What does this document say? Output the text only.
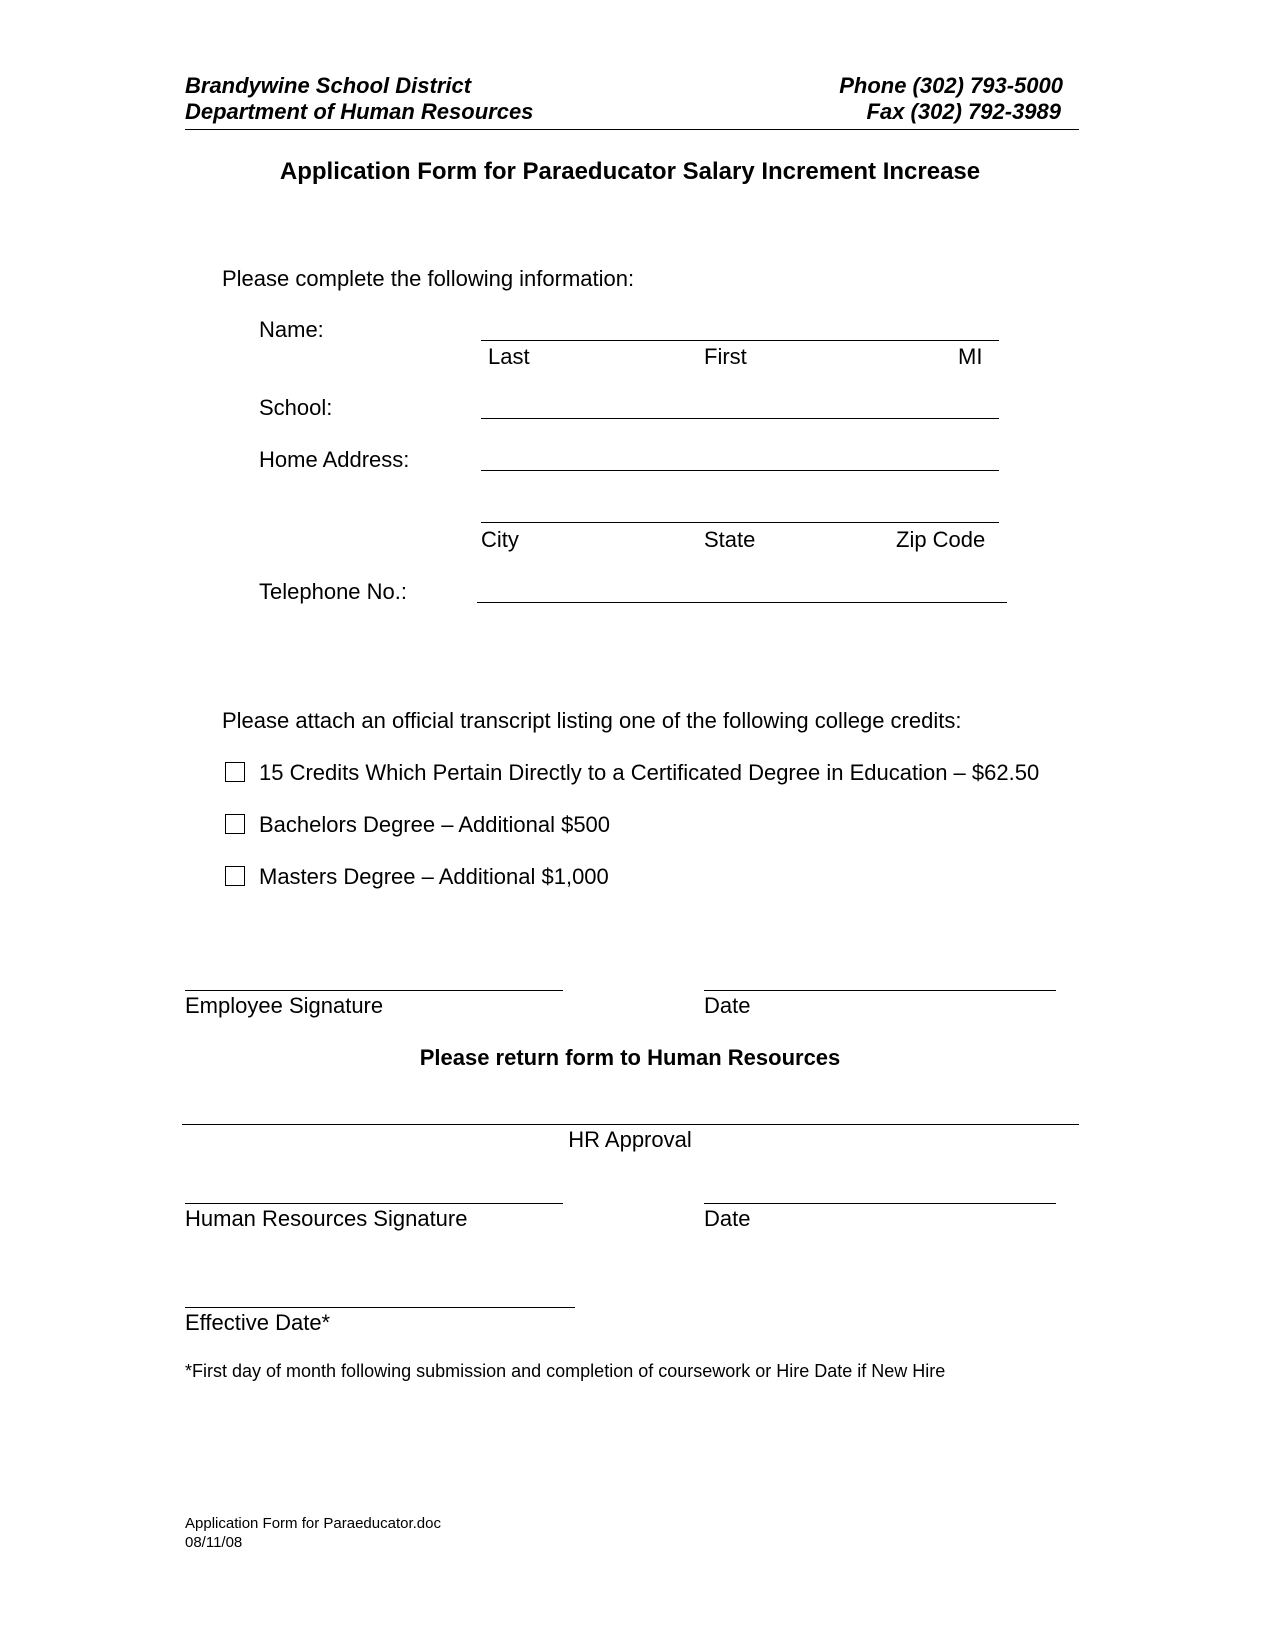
Brandywine School District
Department of Human Resources
Phone (302) 793-5000
Fax (302) 792-3989
Application Form for Paraeducator Salary Increment Increase
Please complete the following information:
Name:
Last	First	MI
School:
Home Address:
City	State	Zip Code
Telephone No.:
Please attach an official transcript listing one of the following college credits:
15 Credits Which Pertain Directly to a Certificated Degree in Education – $62.50
Bachelors Degree – Additional $500
Masters Degree – Additional $1,000
Employee Signature	Date
Please return form to Human Resources
HR Approval
Human Resources Signature	Date
Effective Date*
*First day of month following submission and completion of coursework or Hire Date if New Hire
Application Form for Paraeducator.doc
08/11/08
